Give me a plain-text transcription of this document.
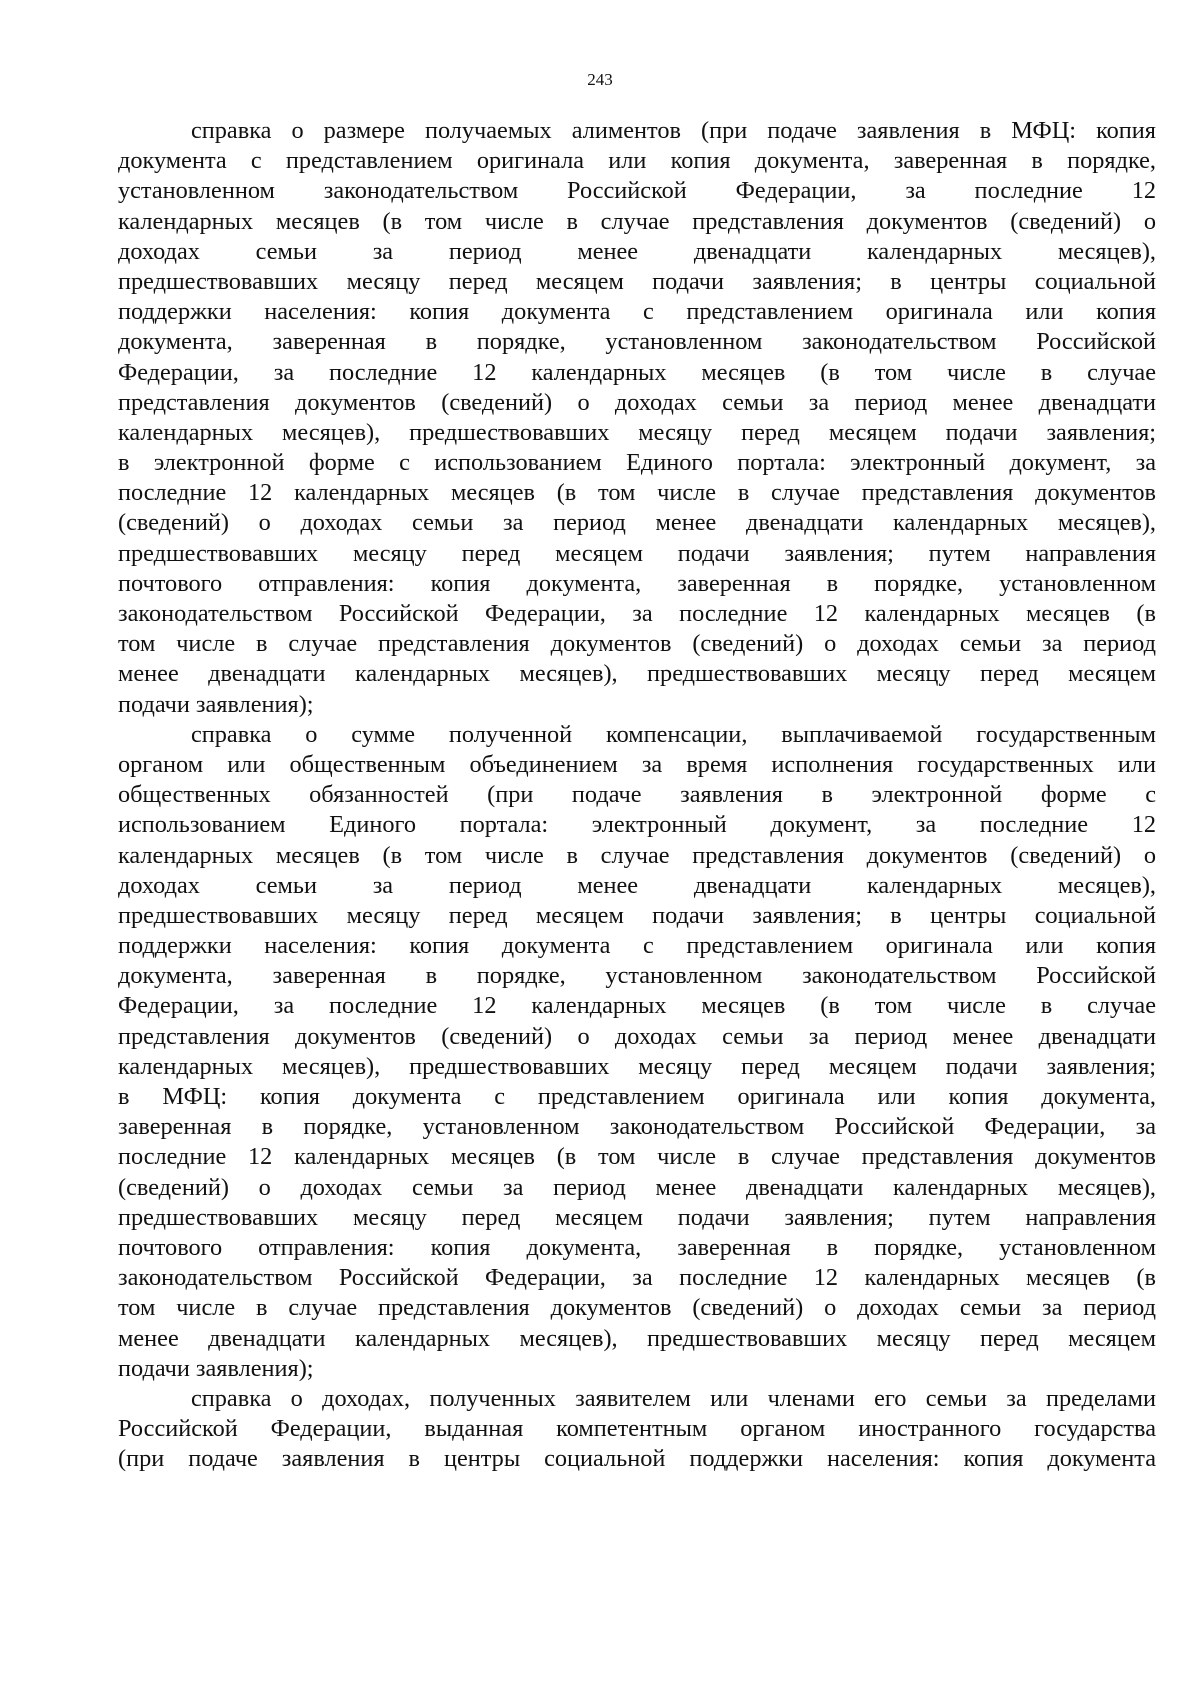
243
справка о размере получаемых алиментов (при подаче заявления в МФЦ: копия
документа с представлением оригинала или копия документа, заверенная в порядке,
установленном законодательством Российской Федерации, за последние 12
календарных месяцев (в том числе в случае представления документов (сведений) о
доходах семьи за период менее двенадцати календарных месяцев),
предшествовавших месяцу перед месяцем подачи заявления; в центры социальной
поддержки населения: копия документа с представлением оригинала или копия
документа, заверенная в порядке, установленном законодательством Российской
Федерации, за последние 12 календарных месяцев (в том числе в случае
представления документов (сведений) о доходах семьи за период менее двенадцати
календарных месяцев), предшествовавших месяцу перед месяцем подачи заявления;
в электронной форме с использованием Единого портала: электронный документ, за
последние 12 календарных месяцев (в том числе в случае представления документов
(сведений) о доходах семьи за период менее двенадцати календарных месяцев),
предшествовавших месяцу перед месяцем подачи заявления; путем направления
почтового отправления: копия документа, заверенная в порядке, установленном
законодательством Российской Федерации, за последние 12 календарных месяцев (в
том числе в случае представления документов (сведений) о доходах семьи за период
менее двенадцати календарных месяцев), предшествовавших месяцу перед месяцем
подачи заявления);
справка о сумме полученной компенсации, выплачиваемой государственным
органом или общественным объединением за время исполнения государственных или
общественных обязанностей (при подаче заявления в электронной форме с
использованием Единого портала: электронный документ, за последние 12
календарных месяцев (в том числе в случае представления документов (сведений) о
доходах семьи за период менее двенадцати календарных месяцев),
предшествовавших месяцу перед месяцем подачи заявления; в центры социальной
поддержки населения: копия документа с представлением оригинала или копия
документа, заверенная в порядке, установленном законодательством Российской
Федерации, за последние 12 календарных месяцев (в том числе в случае
представления документов (сведений) о доходах семьи за период менее двенадцати
календарных месяцев), предшествовавших месяцу перед месяцем подачи заявления;
в МФЦ: копия документа с представлением оригинала или копия документа,
заверенная в порядке, установленном законодательством Российской Федерации, за
последние 12 календарных месяцев (в том числе в случае представления документов
(сведений) о доходах семьи за период менее двенадцати календарных месяцев),
предшествовавших месяцу перед месяцем подачи заявления; путем направления
почтового отправления: копия документа, заверенная в порядке, установленном
законодательством Российской Федерации, за последние 12 календарных месяцев (в
том числе в случае представления документов (сведений) о доходах семьи за период
менее двенадцати календарных месяцев), предшествовавших месяцу перед месяцем
подачи заявления);
справка о доходах, полученных заявителем или членами его семьи за пределами
Российской Федерации, выданная компетентным органом иностранного государства
(при подаче заявления в центры социальной поддержки населения: копия документа
